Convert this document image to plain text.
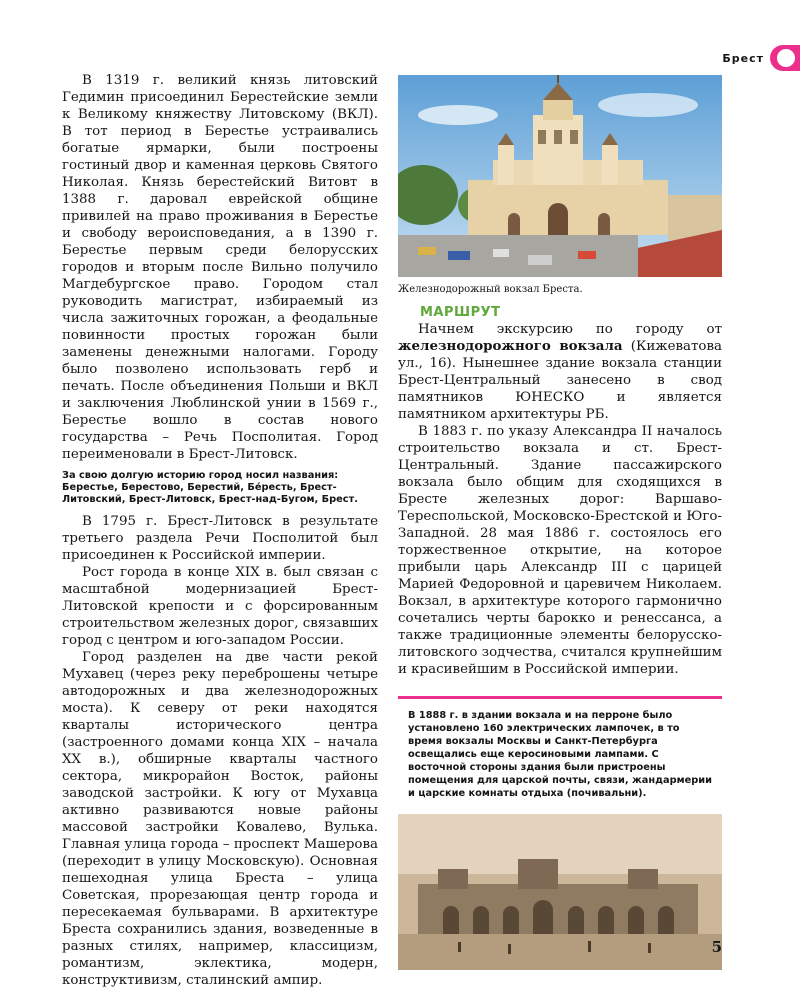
Брест

В 1319 г. великий князь литовский Гедимин присоединил Берестейские земли к Великому княжеству Литовскому (ВКЛ). В тот период в Берестье устраивались богатые ярмарки, были построены гостиный двор и каменная церковь Святого Николая. Князь берестейский Витовт в 1388 г. даровал еврейской общине привилей на право проживания в Берестье и свободу вероисповедания, а в 1390 г. Берестье первым среди белорусских городов и вторым после Вильно получило Магдебургское право. Городом стал руководить магистрат, избираемый из числа зажиточных горожан, а феодальные повинности простых горожан были заменены денежными налогами. Городу было позволено использовать герб и печать. После объединения Польши и ВКЛ и заключения Люблинской унии в 1569 г., Берестье вошло в состав нового государства – Речь Посполитая. Город переименовали в Брест-Литовск.

За свою долгую историю город носил названия: Берестье, Берестово, Берестий, Бе́ресть, Брест-Литовский, Брест-Литовск, Брест-над-Бугом, Брест.

В 1795 г. Брест-Литовск в результате третьего раздела Речи Посполитой был присоединен к Российской империи.

Рост города в конце XIX в. был связан с масштабной модернизацией Брест-Литовской крепости и с форсированным строительством железных дорог, связавших город с центром и юго-западом России.

Город разделен на две части рекой Мухавец (через реку переброшены четыре автодорожных и два железнодорожных моста). К северу от реки находятся кварталы исторического центра (застроенного домами конца XIX – начала XX в.), обширные кварталы частного сектора, микрорайон Восток, районы заводской застройки. К югу от Мухавца активно развиваются новые районы массовой застройки Ковалево, Вулька. Главная улица города – проспект Машерова (переходит в улицу Московскую). Основная пешеходная улица Бреста – улица Советская, прорезающая центр города и пересекаемая бульварами. В архитектуре Бреста сохранились здания, возведенные в разных стилях, например, классицизм, романтизм, эклектика, модерн, конструктивизм, сталинский ампир.

Железнодорожный вокзал Бреста.
МАРШРУТ

Начнем экскурсию по городу от железнодорожного вокзала (Кижеватова ул., 16). Нынешнее здание вокзала станции Брест-Центральный занесено в свод памятников ЮНЕСКО и является памятником архитектуры РБ.

В 1883 г. по указу Александра II началось строительство вокзала и ст. Брест-Центральный. Здание пассажирского вокзала было общим для сходящихся в Бресте железных дорог: Варшаво-Тереспольской, Московско-Брестской и Юго-Западной. 28 мая 1886 г. состоялось его торжественное открытие, на которое прибыли царь Александр III с царицей Марией Федоровной и царевичем Николаем. Вокзал, в архитектуре которого гармонично сочетались черты барокко и ренессанса, а также традиционные элементы белорусско-литовского зодчества, считался крупнейшим и красивейшим в Российской империи.

В 1888 г. в здании вокзала и на перроне было установлено 160 электрических лампочек, в то время вокзалы Москвы и Санкт-Петербурга освещались еще керосиновыми лампами. С восточной стороны здания были пристроены помещения для царской почты, связи, жандармерии и царские комнаты отдыха (почивальни).
5
